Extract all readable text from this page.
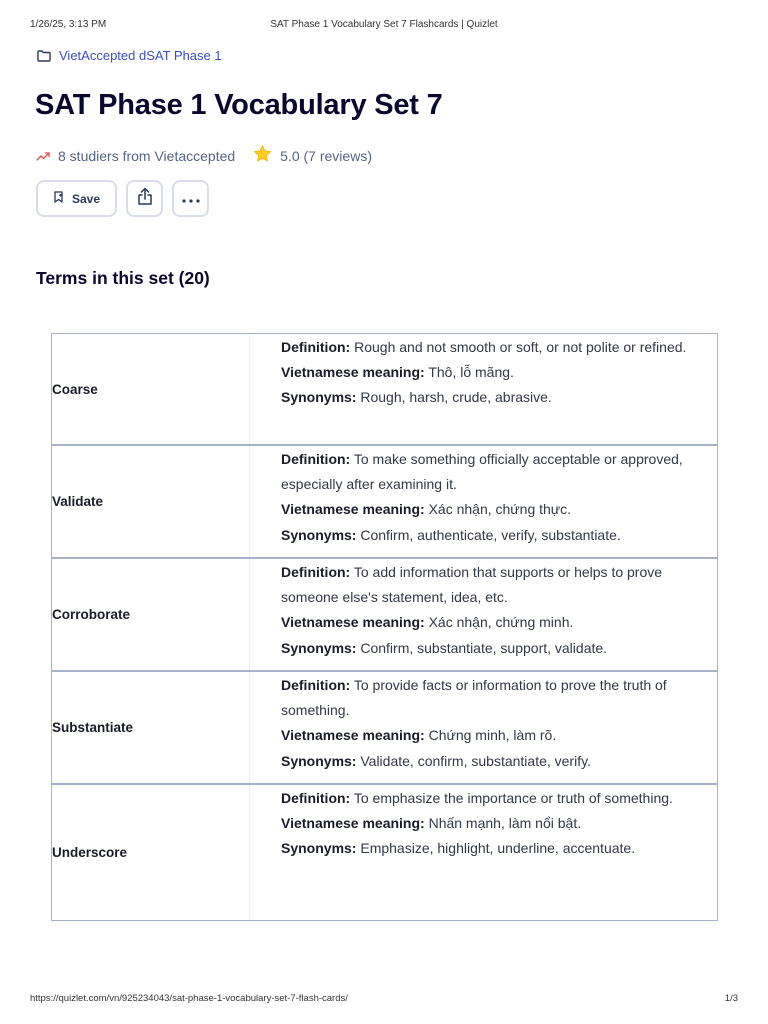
1/26/25, 3:13 PM	SAT Phase 1 Vocabulary Set 7 Flashcards | Quizlet
VietAccepted dSAT Phase 1
SAT Phase 1 Vocabulary Set 7
8 studiers from Vietaccepted	5.0 (7 reviews)
Save
Terms in this set (20)
Coarse

Definition: Rough and not smooth or soft, or not polite or refined.

Vietnamese meaning: Thô, lỗ mãng.

Synonyms: Rough, harsh, crude, abrasive.

Validate

Definition: To make something officially acceptable or approved, especially after examining it.

Vietnamese meaning: Xác nhận, chứng thực.

Synonyms: Confirm, authenticate, verify, substantiate.

Corroborate

Definition: To add information that supports or helps to prove someone else's statement, idea, etc.

Vietnamese meaning: Xác nhận, chứng minh.

Synonyms: Confirm, substantiate, support, validate.

Substantiate

Definition: To provide facts or information to prove the truth of something.

Vietnamese meaning: Chứng minh, làm rõ.

Synonyms: Validate, confirm, substantiate, verify.

Underscore

Definition: To emphasize the importance or truth of something.

Vietnamese meaning: Nhấn mạnh, làm nổi bật.

Synonyms: Emphasize, highlight, underline, accentuate.

https://quizlet.com/vn/925234043/sat-phase-1-vocabulary-set-7-flash-cards/	1/3
